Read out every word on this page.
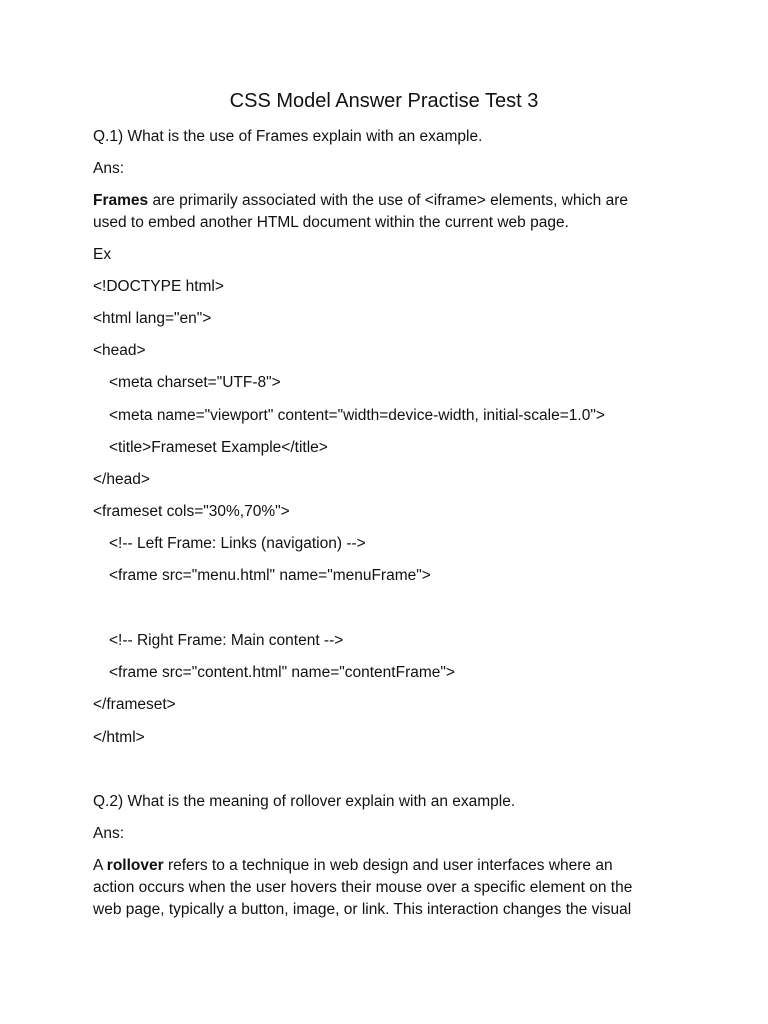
CSS Model Answer Practise Test 3
Q.1) What is the use of Frames explain with an example.
Ans:
Frames are primarily associated with the use of <iframe> elements, which are
used to embed another HTML document within the current web page.
Ex
<!DOCTYPE html>
<html lang="en">
<head>
<meta charset="UTF-8">
<meta name="viewport" content="width=device-width, initial-scale=1.0">
<title>Frameset Example</title>
</head>
<frameset cols="30%,70%">
<!-- Left Frame: Links (navigation) -->
<frame src="menu.html" name="menuFrame">
<!-- Right Frame: Main content -->
<frame src="content.html" name="contentFrame">
</frameset>
</html>
Q.2) What is the meaning of rollover explain with an example.
Ans:
A rollover refers to a technique in web design and user interfaces where an
action occurs when the user hovers their mouse over a specific element on the
web page, typically a button, image, or link. This interaction changes the visual
